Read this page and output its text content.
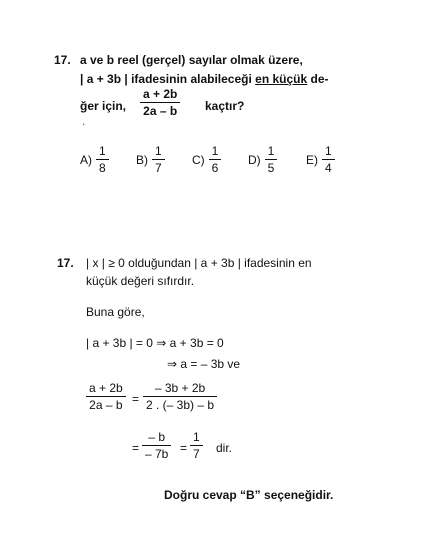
17. a ve b reel (gerçel) sayılar olmak üzere,
| a + 3b | ifadesinin alabileceği en küçük de-
ğer için, $\frac{a + 2b}{2a - b}$ kaçtır?
.
$A) \frac{1}{8} B) \frac{1}{7} C) \frac{1}{6} D) \frac{1}{5} E) \frac{1}{4}$
17. | x | ≥ 0 olduğundan | a + 3b | ifadesinin en
küçük değeri sıfırdır.
Buna göre,
| a + 3b | = 0 ⇒ a + 3b = 0
⇒ a = – 3b ve
$\frac{a + 2b}{2a - b} = \frac{- 3b + 2b}{2 . (- 3b) - b}$
= $\frac{- b}{- 7b} = \frac{1}{7}$ dir.
Doğru cevap “B” seçeneğidir.
